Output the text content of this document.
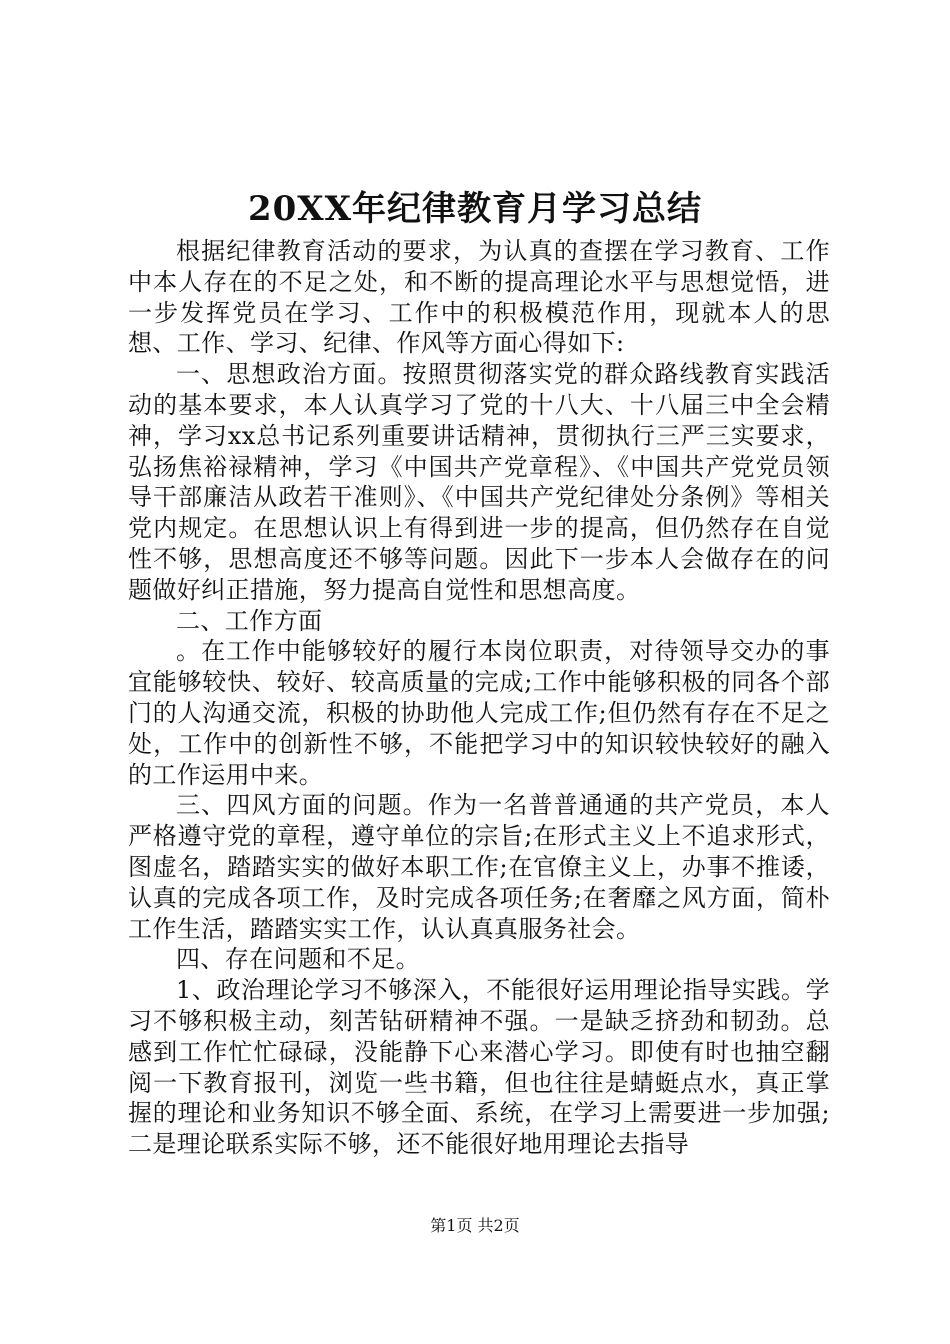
20XX年纪律教育月学习总结

根据纪律教育活动的要求，为认真的查摆在学习教育、工作中本人存在的不足之处，和不断的提高理论水平与思想觉悟，进一步发挥党员在学习、工作中的积极模范作用，现就本人的思想、工作、学习、纪律、作风等方面心得如下:

一、思想政治方面。按照贯彻落实党的群众路线教育实践活动的基本要求，本人认真学习了党的十八大、十八届三中全会精神，学习xx总书记系列重要讲话精神，贯彻执行三严三实要求，弘扬焦裕禄精神，学习《中国共产党章程》、《中国共产党党员领导干部廉洁从政若干准则》、《中国共产党纪律处分条例》等相关党内规定。在思想认识上有得到进一步的提高，但仍然存在自觉性不够，思想高度还不够等问题。因此下一步本人会做存在的问题做好纠正措施，努力提高自觉性和思想高度。

二、工作方面

。在工作中能够较好的履行本岗位职责，对待领导交办的事宜能够较快、较好、较高质量的完成;工作中能够积极的同各个部门的人沟通交流，积极的协助他人完成工作;但仍然有存在不足之处，工作中的创新性不够，不能把学习中的知识较快较好的融入的工作运用中来。

三、四风方面的问题。作为一名普普通通的共产党员，本人严格遵守党的章程，遵守单位的宗旨;在形式主义上不追求形式，图虚名，踏踏实实的做好本职工作;在官僚主义上，办事不推诿，认真的完成各项工作，及时完成各项任务;在奢靡之风方面，简朴工作生活，踏踏实实工作，认认真真服务社会。

四、存在问题和不足。

1、政治理论学习不够深入，不能很好运用理论指导实践。学习不够积极主动，刻苦钻研精神不强。一是缺乏挤劲和韧劲。总感到工作忙忙碌碌，没能静下心来潜心学习。即使有时也抽空翻阅一下教育报刊，浏览一些书籍，但也往往是蜻蜓点水，真正掌握的理论和业务知识不够全面、系统，在学习上需要进一步加强;二是理论联系实际不够，还不能很好地用理论去指导

第1页 共2页
